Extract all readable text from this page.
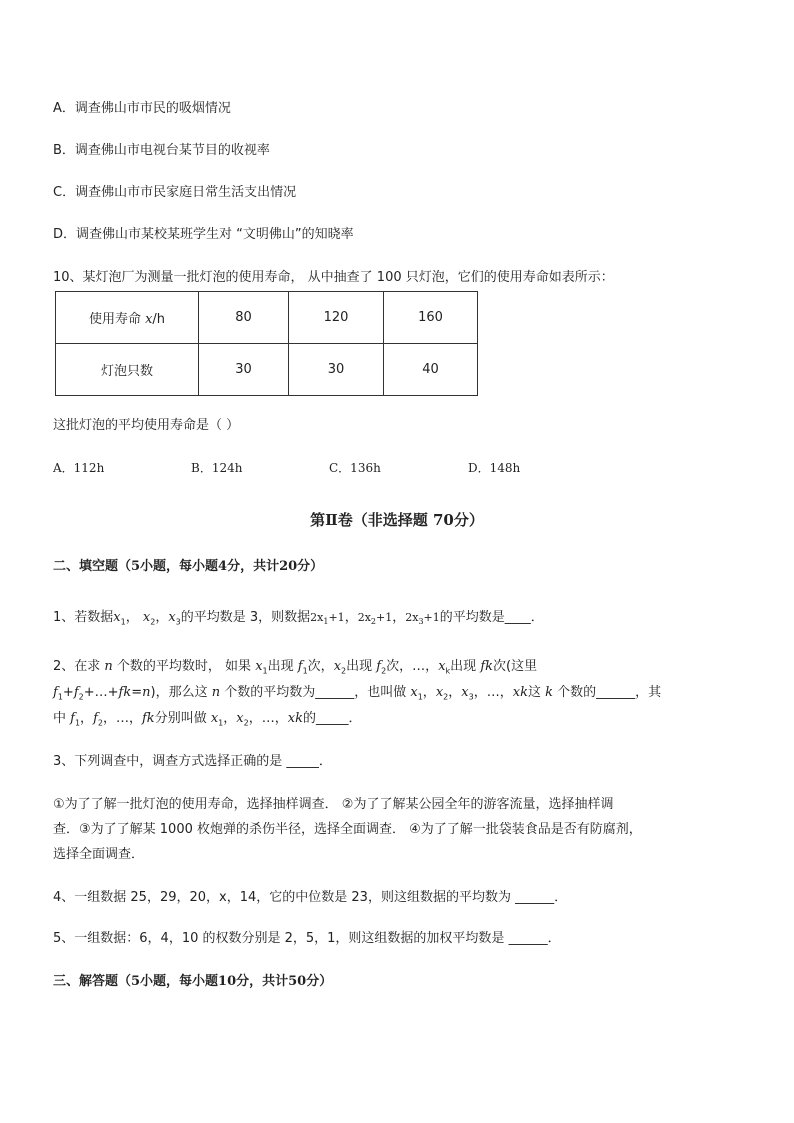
A．调查佛山市市民的吸烟情况
B．调查佛山市电视台某节目的收视率
C．调查佛山市市民家庭日常生活支出情况
D．调查佛山市某校某班学生对 “文明佛山”的知晓率
10、某灯泡厂为测量一批灯泡的使用寿命， 从中抽查了 100 只灯泡，它们的使用寿命如表所示：
使用寿命 x/h	80	120	160
灯泡只数	30	30	40
这批灯泡的平均使用寿命是（ ）
A．112h	B．124h	C．136h	D．148h
第Ⅱ卷（非选择题 70分）
二、填空题（5小题，每小题4分，共计20分）
1、若数据$x_1$， $x_2$，$x_3$的平均数是 3，则数据$2x_1+1$，$2x_2+1$，$2x_3+1$的平均数是____．
2、在求 n 个数的平均数时， 如果 $x_1$出现 $f_1$次，$x_2$出现 $f_2$次，…，$x_k$出现 fk次(这里
$f_1+f_2+\dots+fk=n$)，那么这 n 个数的平均数为______，也叫做 $x_1$，$x_2$，$x_3$，…，xk这 k 个数的______，其
中 $f_1$，$f_2$，…，fk分别叫做 $x_1$，$x_2$，…，xk的_____．
3、下列调查中，调查方式选择正确的是 _____．
①为了了解一批灯泡的使用寿命，选择抽样调查． ②为了了解某公园全年的游客流量，选择抽样调
查．③为了了解某 1000 枚炮弹的杀伤半径，选择全面调查． ④为了了解一批袋装食品是否有防腐剂，
选择全面调查．
4、一组数据 25，29，20，x，14，它的中位数是 23，则这组数据的平均数为 ______．
5、一组数据：6，4，10 的权数分别是 2，5，1，则这组数据的加权平均数是 ______．
三、解答题（5小题，每小题10分，共计50分）
